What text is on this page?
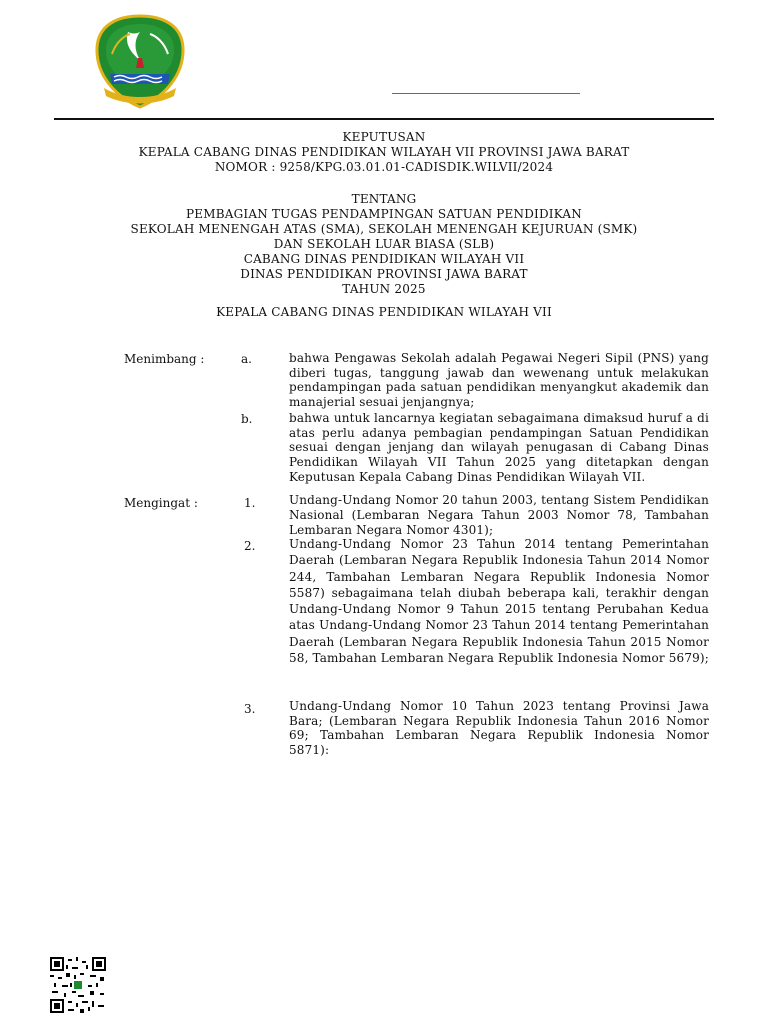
KEPUTUSAN
KEPALA CABANG DINAS PENDIDIKAN WILAYAH VII PROVINSI JAWA BARAT
NOMOR : 9258/KPG.03.01.01-CADISDIK.WILVII/2024
TENTANG
PEMBAGIAN TUGAS PENDAMPINGAN SATUAN PENDIDIKAN
SEKOLAH MENENGAH ATAS (SMA), SEKOLAH MENENGAH KEJURUAN (SMK)
DAN SEKOLAH LUAR BIASA (SLB)
CABANG DINAS PENDIDIKAN WILAYAH VII
DINAS PENDIDIKAN PROVINSI JAWA BARAT
TAHUN 2025
KEPALA CABANG DINAS PENDIDIKAN WILAYAH VII
Menimbang :	a.	bahwa Pengawas Sekolah adalah Pegawai Negeri Sipil (PNS) yang diberi tugas, tanggung jawab dan wewenang untuk melakukan pendampingan pada satuan pendidikan menyangkut akademik dan manajerial sesuai jenjangnya;
b.	bahwa untuk lancarnya kegiatan sebagaimana dimaksud huruf a di atas perlu adanya pembagian pendampingan Satuan Pendidikan sesuai dengan jenjang dan wilayah penugasan di Cabang Dinas Pendidikan Wilayah VII Tahun 2025 yang ditetapkan dengan Keputusan Kepala Cabang Dinas Pendidikan Wilayah VII.
Mengingat :	1.	Undang-Undang Nomor 20 tahun 2003, tentang Sistem Pendidikan Nasional (Lembaran Negara Tahun 2003 Nomor 78, Tambahan Lembaran Negara Nomor 4301);
2.	Undang-Undang Nomor 23 Tahun 2014 tentang Pemerintahan Daerah (Lembaran Negara Republik Indonesia Tahun 2014 Nomor 244, Tambahan Lembaran Negara Republik Indonesia Nomor 5587) sebagaimana telah diubah beberapa kali, terakhir dengan Undang-Undang Nomor 9 Tahun 2015 tentang Perubahan Kedua atas Undang-Undang Nomor 23 Tahun 2014 tentang Pemerintahan Daerah (Lembaran Negara Republik Indonesia Tahun 2015 Nomor 58, Tambahan Lembaran Negara Republik Indonesia Nomor 5679);
3.	Undang-Undang Nomor 10 Tahun 2023 tentang Provinsi Jawa Bara; (Lembaran Negara Republik Indonesia Tahun 2016 Nomor 69; Tambahan Lembaran Negara Republik Indonesia Nomor 5871):
